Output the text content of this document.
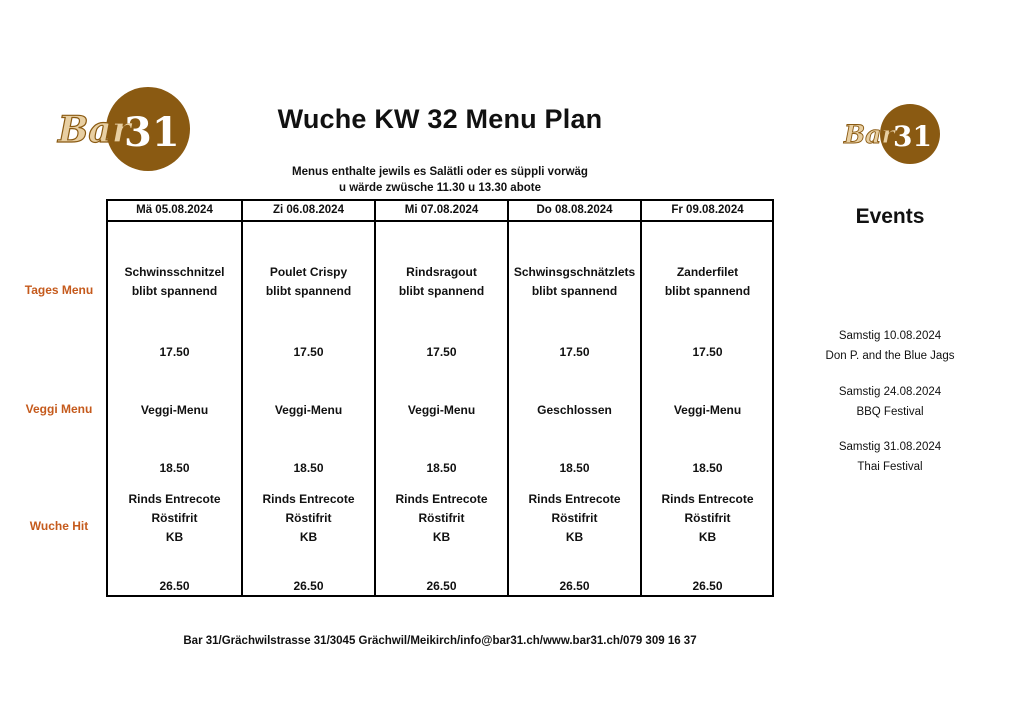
Bar
31	Bar
31
Wuche KW 32 Menu Plan
Menus enthalte jewils es Salätli oder es süppli vorwäg
u wärde zwüsche 11.30 u 13.30 abote
Tages Menu
Veggi Menu
Wuche Hit
Mä 05.08.2024
Schwinsschnitzel
blibt spannend
17.50
Veggi-Menu
18.50
Rinds Entrecote
Röstifrit
KB
26.50
Zi 06.08.2024
Poulet Crispy
blibt spannend
17.50
Veggi-Menu
18.50
Rinds Entrecote
Röstifrit
KB
26.50
Mi 07.08.2024
Rindsragout
blibt spannend
17.50
Veggi-Menu
18.50
Rinds Entrecote
Röstifrit
KB
26.50
Do 08.08.2024
Schwinsgschnätzlets
blibt spannend
17.50
Geschlossen
18.50
Rinds Entrecote
Röstifrit
KB
26.50
Fr 09.08.2024
Zanderfilet
blibt spannend
17.50
Veggi-Menu
18.50
Rinds Entrecote
Röstifrit
KB
26.50
Events
Samstig 10.08.2024
Don P. and the Blue Jags
Samstig 24.08.2024
BBQ Festival
Samstig 31.08.2024
Thai Festival
Bar 31/Grächwilstrasse 31/3045 Grächwil/Meikirch/info@bar31.ch/www.bar31.ch/079 309 16 37
